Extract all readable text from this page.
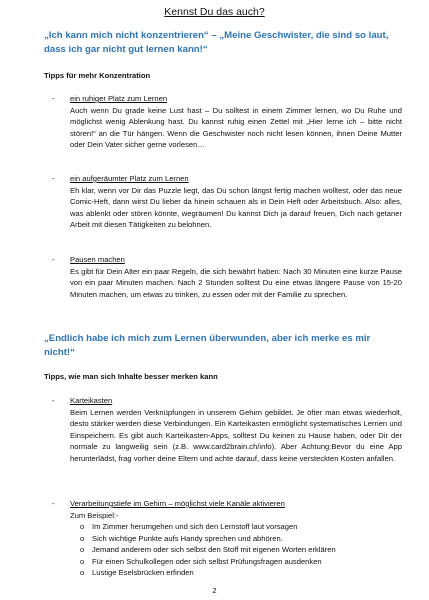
Kennst Du das auch?
„Ich kann mich nicht konzentrieren“ – „Meine Geschwister, die sind so laut, dass ich gar nicht gut lernen kann!“
Tipps für mehr Konzentration
- ein ruhiger Platz zum Lernen
Auch wenn Du grade keine Lust hast – Du solltest in einem Zimmer lernen, wo Du Ruhe und möglichst wenig Ablenkung hast. Du kannst ruhig einen Zettel mit „Hier lerne ich – bitte nicht stören!“ an die Tür hängen. Wenn die Geschwister noch nicht lesen können, ihnen Deine Mutter oder Dein Vater sicher gerne vorlesen…
- ein aufgeräumter Platz zum Lernen
Eh klar, wenn vor Dir das Puzzle liegt, das Du schon längst fertig machen wolltest, oder das neue Comic-Heft, dann wirst Du lieber da hinein schauen als in Dein Heft oder Arbeitsbuch. Also: alles, was ablenkt oder stören könnte, wegräumen! Du kannst Dich ja darauf freuen, Dich nach getaner Arbeit mit diesen Tätigkeiten zu belohnen.
- Pausen machen
Es gibt für Dein Alter ein paar Regeln, die sich bewährt haben: Nach 30 Minuten eine kurze Pause von ein paar Minuten machen. Nach 2 Stunden solltest Du eine etwas längere Pause von 15-20 Minuten machen, um etwas zu trinken, zu essen oder mit der Familie zu sprechen.
„Endlich habe ich mich zum Lernen überwunden, aber ich merke es mir nicht!“
Tipps, wie man sich Inhalte besser merken kann
- Karteikasten
Beim Lernen werden Verknüpfungen in unserem Gehirn gebildet. Je öfter man etwas wiederholt, desto stärker werden diese Verbindungen. Ein Karteikasten ermöglicht systematisches Lernen und Einspeichern. Es gibt auch Karteikasten-Apps, solltest Du keinen zu Hause haben, oder Dir der normale zu langweilig sein (z.B. www.card2brain.ch/info). Aber Achtung:Bevor du eine App herunterlädst, frag vorher deine Eltern und achte darauf, dass keine versteckten Kosten anfallen.
- Verarbeitungstiefe im Gehirn – möglichst viele Kanäle aktivieren
Zum Beispiel:-
o Im Zimmer herumgehen und sich den Lernstoff laut vorsagen
o Sich wichtige Punkte aufs Handy sprechen und abhören.
o Jemand anderem oder sich selbst den Stoff mit eigenen Worten erklären
o Für einen Schulkollegen oder sich selbst Prüfungsfragen ausdenken
o Lustige Eselsbrücken erfinden
2
